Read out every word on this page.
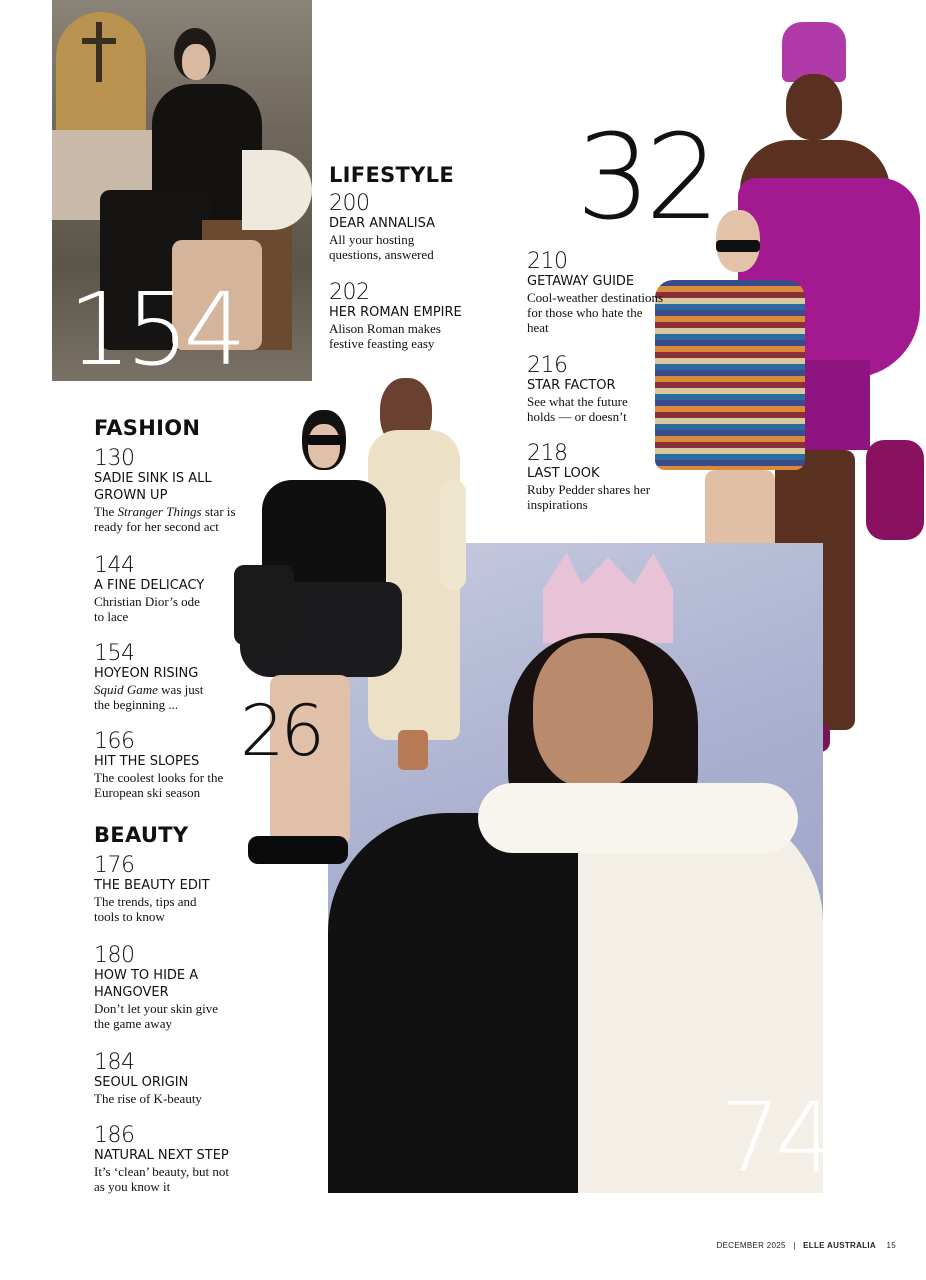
154
32
74
26
LIFESTYLE
200
DEAR ANNALISA
All your hosting questions, answered
202
HER ROMAN EMPIRE
Alison Roman makes festive feasting easy
210
GETAWAY GUIDE
Cool-weather destinations for those who hate the heat
216
STAR FACTOR
See what the future holds — or doesn’t
218
LAST LOOK
Ruby Pedder shares her inspirations
FASHION
130
SADIE SINK IS ALL GROWN UP
The Stranger Things star is ready for her second act
144
A FINE DELICACY
Christian Dior’s ode to lace
154
HOYEON RISING
Squid Game was just the beginning ...
166
HIT THE SLOPES
The coolest looks for the European ski season
BEAUTY
176
THE BEAUTY EDIT
The trends, tips and tools to know
180
HOW TO HIDE A HANGOVER
Don’t let your skin give the game away
184
SEOUL ORIGIN
The rise of K-beauty
186
NATURAL NEXT STEP
It’s ‘clean’ beauty, but not as you know it
DECEMBER 2025 | ELLE AUSTRALIA 15
